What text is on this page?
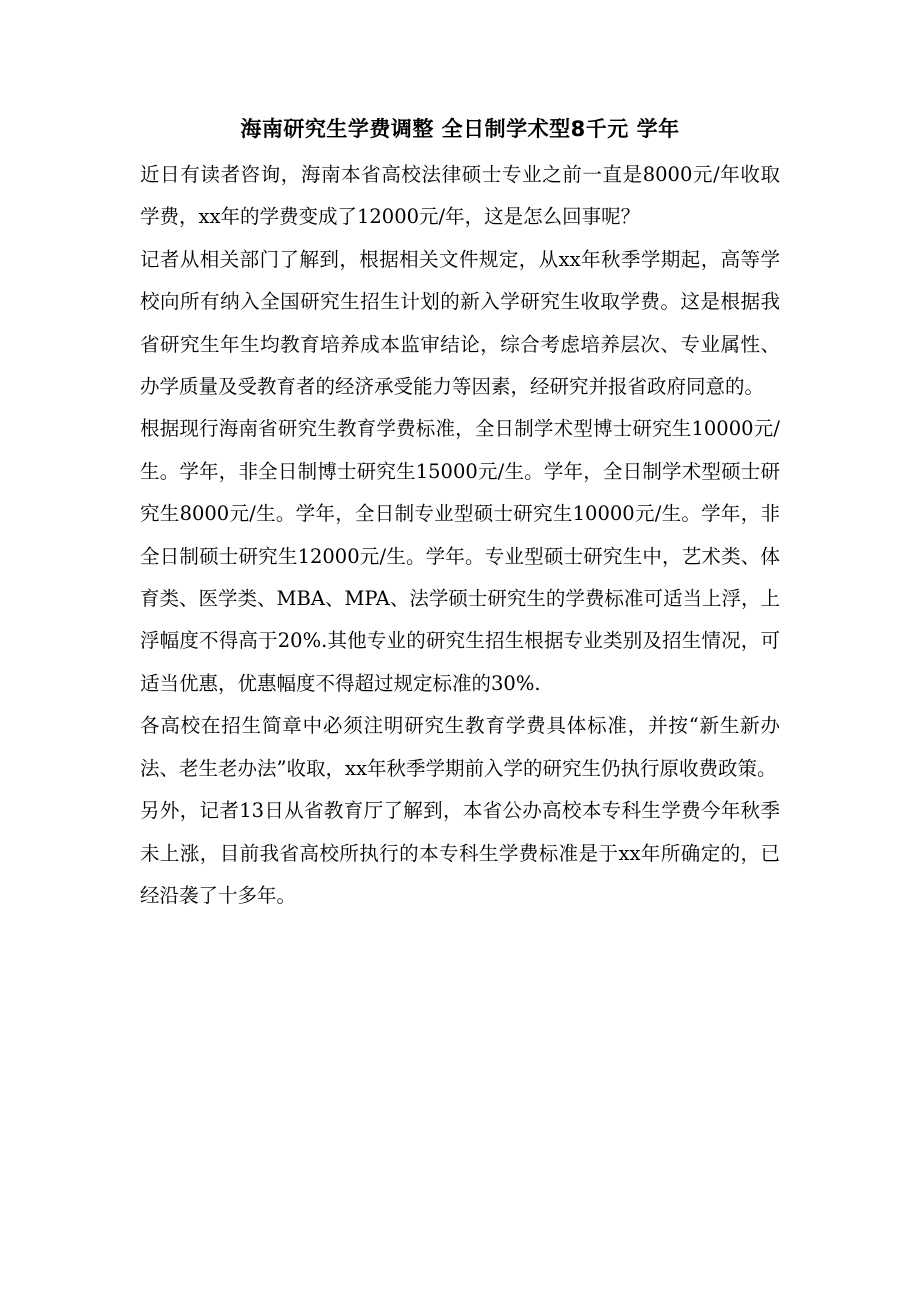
海南研究生学费调整 全日制学术型8千元 学年

近日有读者咨询，海南本省高校法律硕士专业之前一直是8000元/年收取学费，xx年的学费变成了12000元/年，这是怎么回事呢？

记者从相关部门了解到，根据相关文件规定，从xx年秋季学期起，高等学校向所有纳入全国研究生招生计划的新入学研究生收取学费。这是根据我省研究生年生均教育培养成本监审结论，综合考虑培养层次、专业属性、办学质量及受教育者的经济承受能力等因素，经研究并报省政府同意的。

根据现行海南省研究生教育学费标准，全日制学术型博士研究生10000元/生。学年，非全日制博士研究生15000元/生。学年，全日制学术型硕士研究生8000元/生。学年，全日制专业型硕士研究生10000元/生。学年，非全日制硕士研究生12000元/生。学年。专业型硕士研究生中，艺术类、体育类、医学类、MBA、MPA、法学硕士研究生的学费标准可适当上浮，上浮幅度不得高于20%.其他专业的研究生招生根据专业类别及招生情况，可适当优惠，优惠幅度不得超过规定标准的30%.

各高校在招生简章中必须注明研究生教育学费具体标准，并按“新生新办法、老生老办法”收取，xx年秋季学期前入学的研究生仍执行原收费政策。

另外，记者13日从省教育厅了解到，本省公办高校本专科生学费今年秋季未上涨，目前我省高校所执行的本专科生学费标准是于xx年所确定的，已经沿袭了十多年。
